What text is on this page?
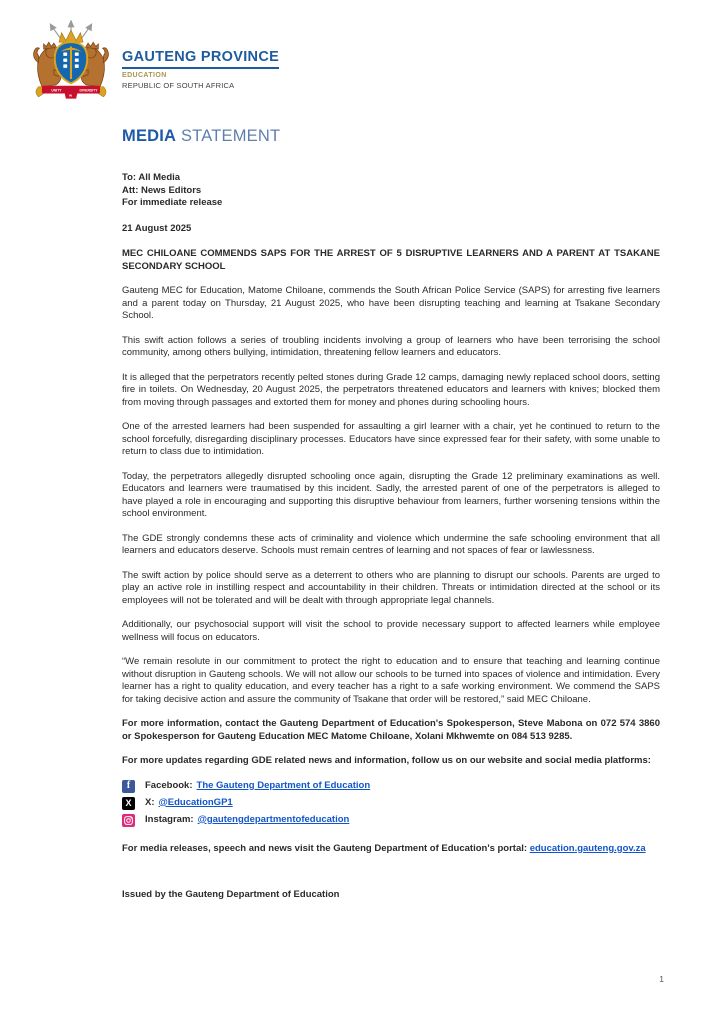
UNITY
IN
DIVERSITY
GAUTENG PROVINCE
EDUCATION
REPUBLIC OF SOUTH AFRICA
MEDIA STATEMENT
To: All Media
Att: News Editors
For immediate release
21 August 2025
MEC CHILOANE COMMENDS SAPS FOR THE ARREST OF 5 DISRUPTIVE LEARNERS AND A PARENT AT TSAKANE SECONDARY SCHOOL

Gauteng MEC for Education, Matome Chiloane, commends the South African Police Service (SAPS) for arresting five learners and a parent today on Thursday, 21 August 2025, who have been disrupting teaching and learning at Tsakane Secondary School.

This swift action follows a series of troubling incidents involving a group of learners who have been terrorising the school community, among others bullying, intimidation, threatening fellow learners and educators.

It is alleged that the perpetrators recently pelted stones during Grade 12 camps, damaging newly replaced school doors, setting fire in toilets. On Wednesday, 20 August 2025, the perpetrators threatened educators and learners with knives; blocked them from moving through passages and extorted them for money and phones during schooling hours.

One of the arrested learners had been suspended for assaulting a girl learner with a chair, yet he continued to return to the school forcefully, disregarding disciplinary processes. Educators have since expressed fear for their safety, with some unable to return to class due to intimidation.

Today, the perpetrators allegedly disrupted schooling once again, disrupting the Grade 12 preliminary examinations as well. Educators and learners were traumatised by this incident. Sadly, the arrested parent of one of the perpetrators is alleged to have played a role in encouraging and supporting this disruptive behaviour from learners, further worsening tensions within the school environment.

The GDE strongly condemns these acts of criminality and violence which undermine the safe schooling environment that all learners and educators deserve. Schools must remain centres of learning and not spaces of fear or lawlessness.

The swift action by police should serve as a deterrent to others who are planning to disrupt our schools. Parents are urged to play an active role in instilling respect and accountability in their children. Threats or intimidation directed at the school or its employees will not be tolerated and will be dealt with through appropriate legal channels.

Additionally, our psychosocial support will visit the school to provide necessary support to affected learners while employee wellness will focus on educators.

“We remain resolute in our commitment to protect the right to education and to ensure that teaching and learning continue without disruption in Gauteng schools. We will not allow our schools to be turned into spaces of violence and intimidation. Every learner has a right to quality education, and every teacher has a right to a safe working environment. We commend the SAPS for taking decisive action and assure the community of Tsakane that order will be restored,” said MEC Chiloane.

For more information, contact the Gauteng Department of Education's Spokesperson, Steve Mabona on 072 574 3860 or Spokesperson for Gauteng Education MEC Matome Chiloane, Xolani Mkhwemte on 084 513 9285.

For more updates regarding GDE related news and information, follow us on our website and social media platforms:

f Facebook: The Gauteng Department of Education
X X: @EducationGP1
Instagram: @gautengdepartmentofeducation

For media releases, speech and news visit the Gauteng Department of Education's portal: education.gauteng.gov.za

Issued by the Gauteng Department of Education
1
